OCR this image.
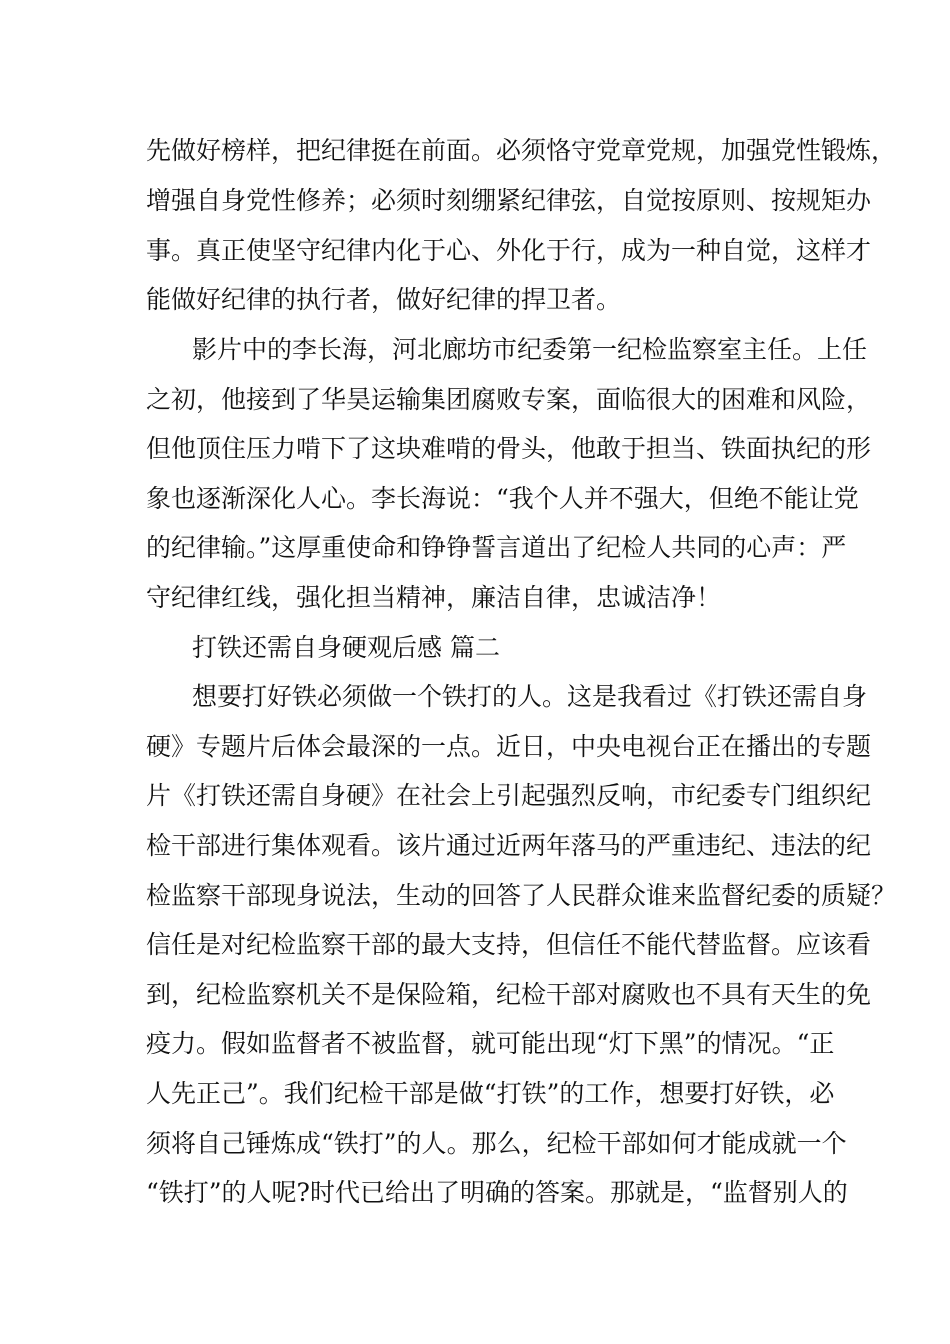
先做好榜样，把纪律挺在前面。必须恪守党章党规，加强党性锻炼，
增强自身党性修养；必须时刻绷紧纪律弦，自觉按原则、按规矩办
事。真正使坚守纪律内化于心、外化于行，成为一种自觉，这样才
能做好纪律的执行者，做好纪律的捍卫者。
影片中的李长海，河北廊坊市纪委第一纪检监察室主任。上任
之初，他接到了华昊运输集团腐败专案，面临很大的困难和风险，
但他顶住压力啃下了这块难啃的骨头，他敢于担当、铁面执纪的形
象也逐渐深化人心。李长海说：“我个人并不强大，但绝不能让党
的纪律输。”这厚重使命和铮铮誓言道出了纪检人共同的心声：严
守纪律红线，强化担当精神，廉洁自律，忠诚洁净！
打铁还需自身硬观后感 篇二
想要打好铁必须做一个铁打的人。这是我看过《打铁还需自身
硬》专题片后体会最深的一点。近日，中央电视台正在播出的专题
片《打铁还需自身硬》在社会上引起强烈反响，市纪委专门组织纪
检干部进行集体观看。该片通过近两年落马的严重违纪、违法的纪
检监察干部现身说法，生动的回答了人民群众谁来监督纪委的质疑？
信任是对纪检监察干部的最大支持，但信任不能代替监督。应该看
到，纪检监察机关不是保险箱，纪检干部对腐败也不具有天生的免
疫力。假如监督者不被监督，就可能出现“灯下黑”的情况。“正
人先正己”。我们纪检干部是做“打铁”的工作，想要打好铁，必
须将自己锤炼成“铁打”的人。那么，纪检干部如何才能成就一个
“铁打”的人呢?时代已给出了明确的答案。那就是，“监督别人的
